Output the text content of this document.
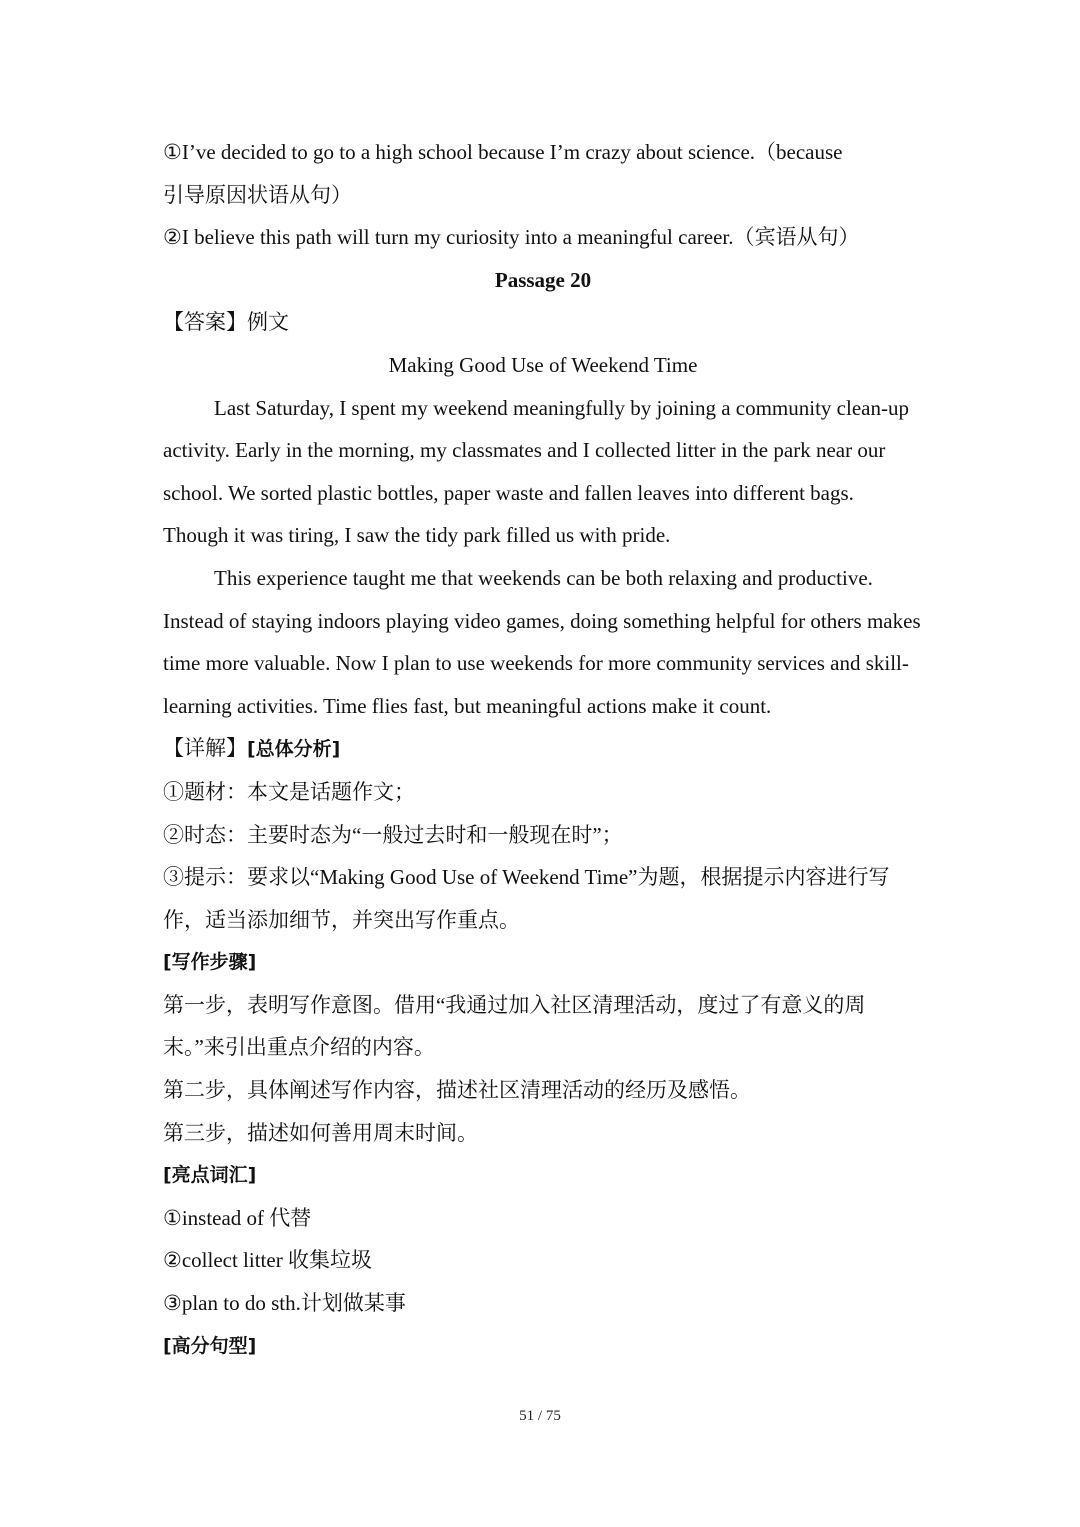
①I’ve decided to go to a high school because I’m crazy about science.（because
引导原因状语从句）
②I believe this path will turn my curiosity into a meaningful career.（宾语从句）
Passage 20
【答案】例文
Making Good Use of Weekend Time
Last Saturday, I spent my weekend meaningfully by joining a community clean-up activity. Early in the morning, my classmates and I collected litter in the park near our school. We sorted plastic bottles, paper waste and fallen leaves into different bags. Though it was tiring, I saw the tidy park filled us with pride.
This experience taught me that weekends can be both relaxing and productive. Instead of staying indoors playing video games, doing something helpful for others makes time more valuable. Now I plan to use weekends for more community services and skill-learning activities. Time flies fast, but meaningful actions make it count.
【详解】[总体分析]
①题材：本文是话题作文；
②时态：主要时态为“一般过去时和一般现在时”；
③提示：要求以“Making Good Use of Weekend Time”为题，根据提示内容进行写作，适当添加细节，并突出写作重点。
[写作步骤]
第一步，表明写作意图。借用“我通过加入社区清理活动，度过了有意义的周末。”来引出重点介绍的内容。
第二步，具体阐述写作内容，描述社区清理活动的经历及感悟。
第三步，描述如何善用周末时间。
[亮点词汇]
①instead of 代替
②collect litter 收集垃圾
③plan to do sth.计划做某事
[高分句型]
51 / 75
